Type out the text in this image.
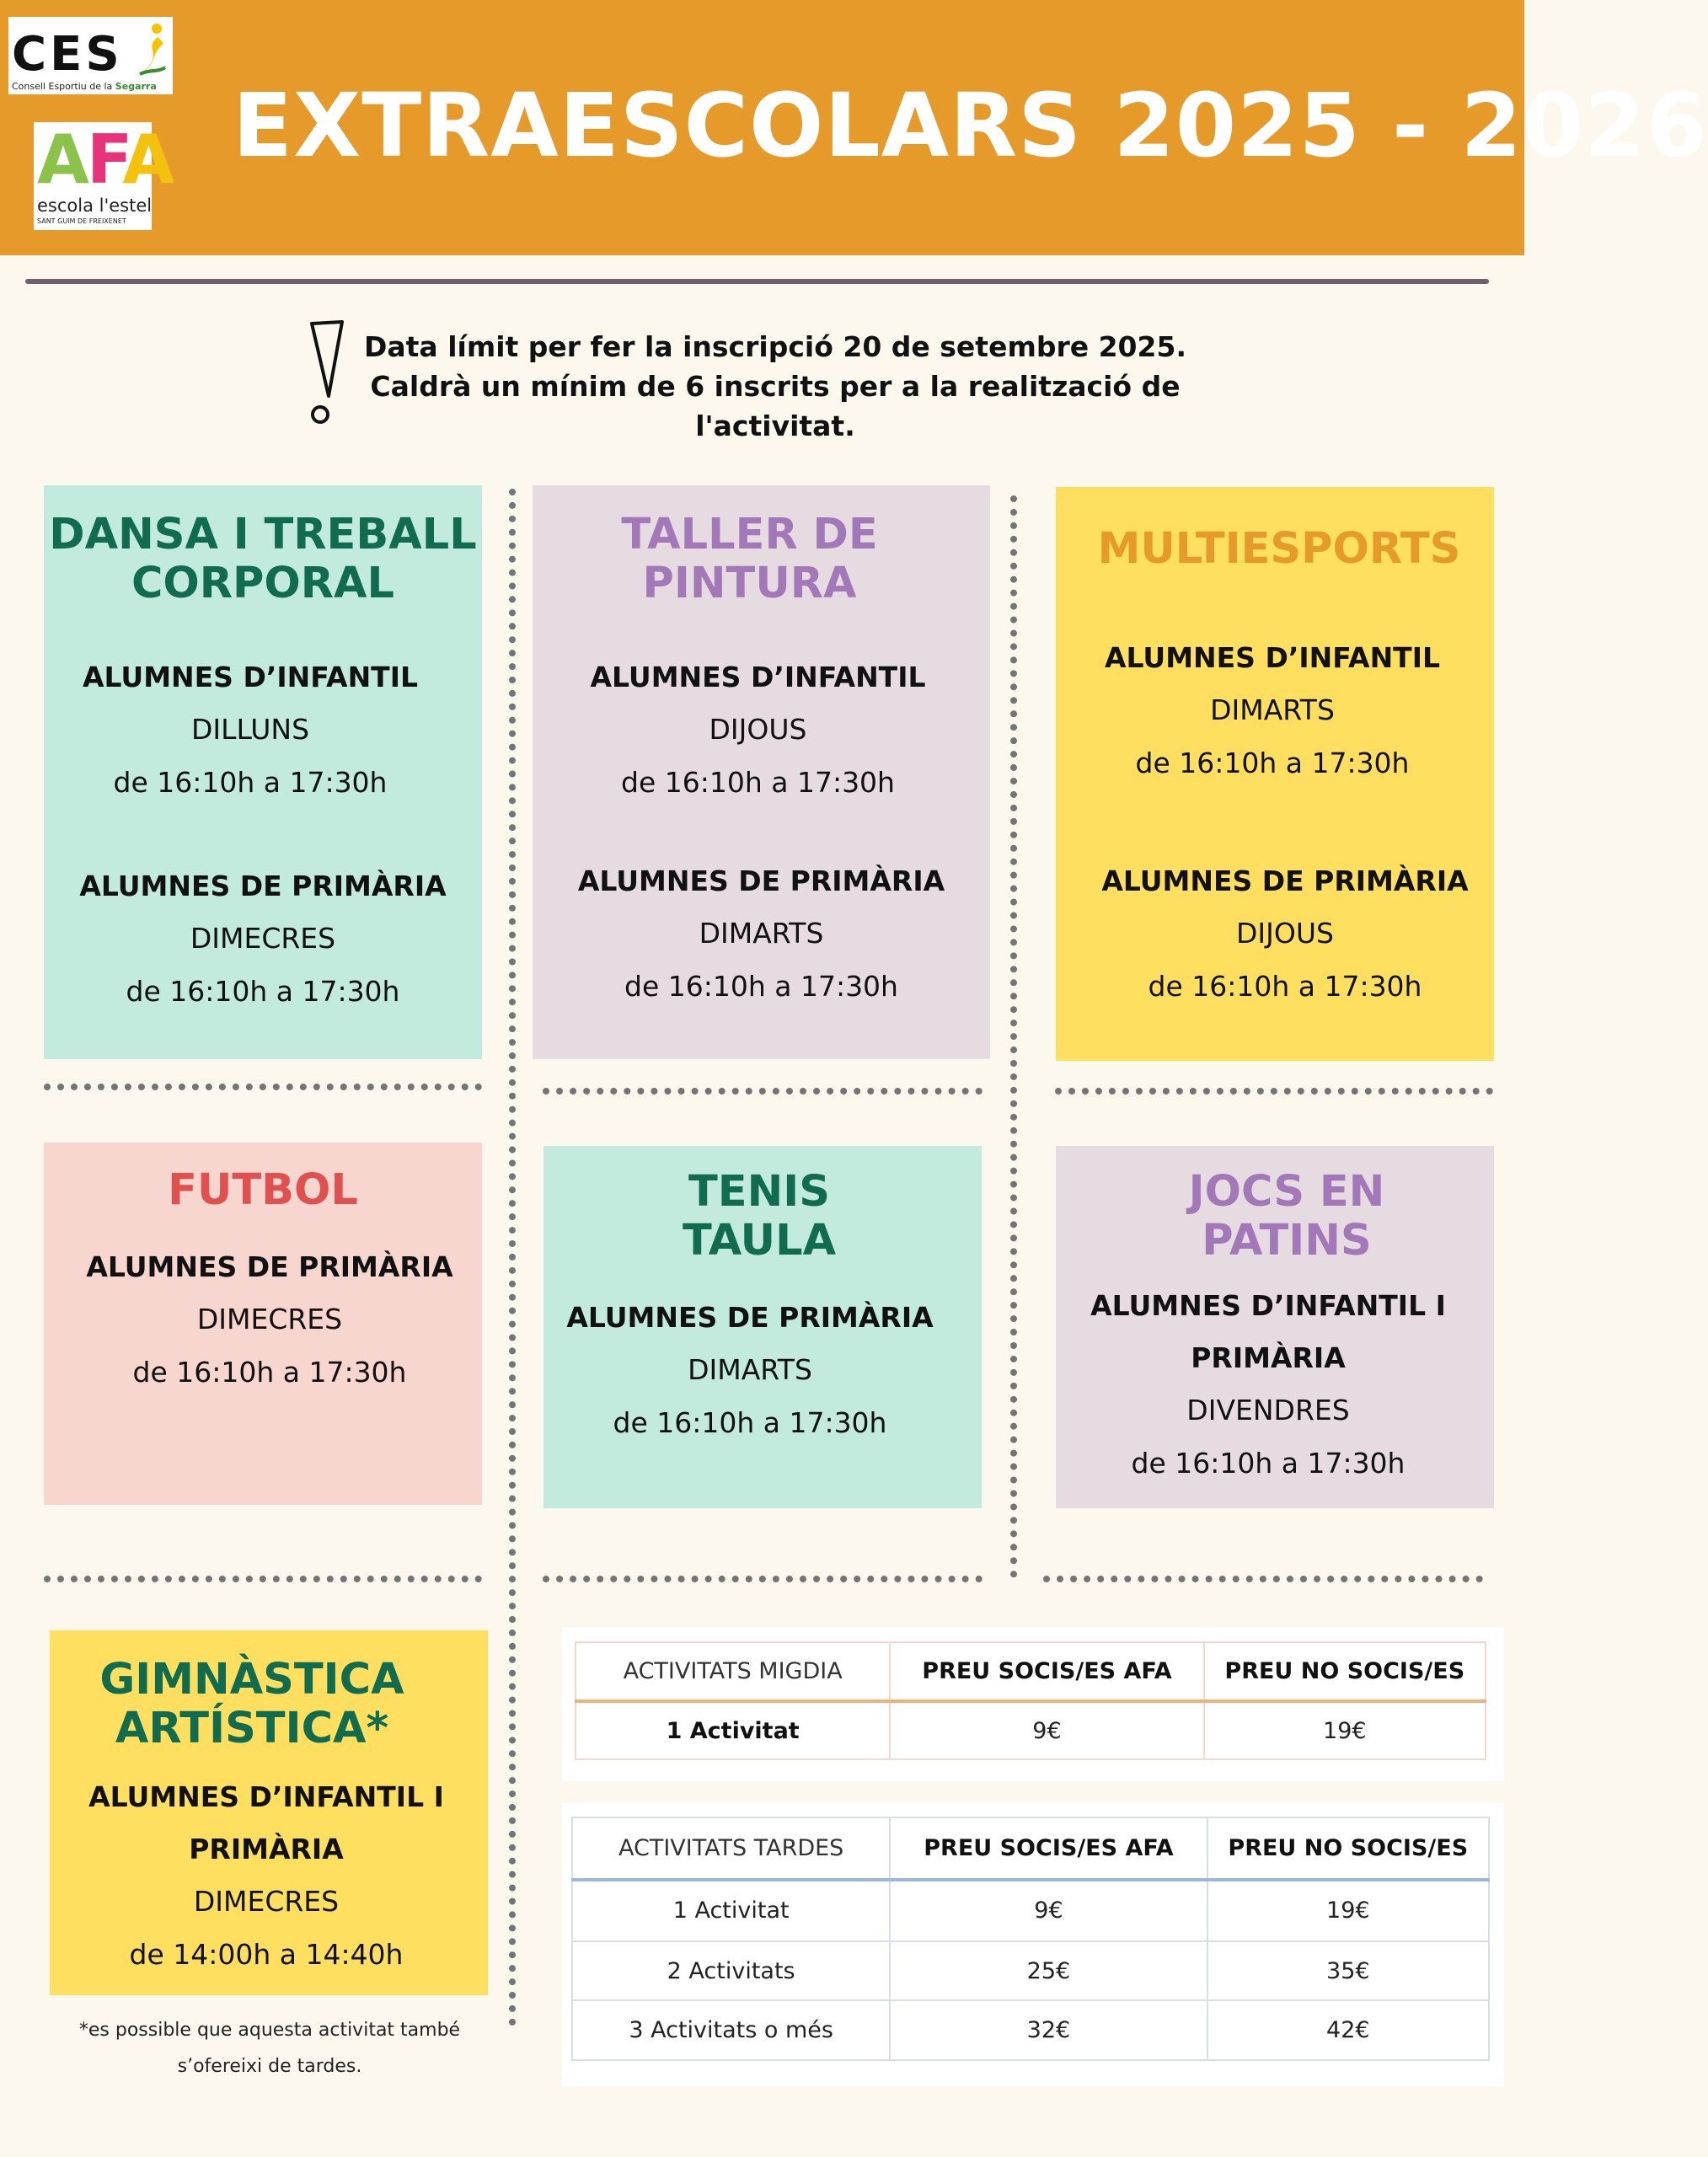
CES
Consell Esportiu de la Segarra
AFA
escola l'estel
SANT GUIM DE FREIXENET
EXTRAESCOLARS 2025 - 2026
Data límit per fer la inscripció 20 de setembre 2025.
Caldrà un mínim de 6 inscrits per a la realització de l'activitat.
DANSA I TREBALL
CORPORAL
ALUMNES D’INFANTIL
DILLUNS
de 16:10h a 17:30h
ALUMNES DE PRIMÀRIA
DIMECRES
de 16:10h a 17:30h
TALLER DE
PINTURA
ALUMNES D’INFANTIL
DIJOUS
de 16:10h a 17:30h
ALUMNES DE PRIMÀRIA
DIMARTS
de 16:10h a 17:30h
MULTIESPORTS
ALUMNES D’INFANTIL
DIMARTS
de 16:10h a 17:30h
ALUMNES DE PRIMÀRIA
DIJOUS
de 16:10h a 17:30h
FUTBOL
ALUMNES DE PRIMÀRIA
DIMECRES
de 16:10h a 17:30h
TENIS
TAULA
ALUMNES DE PRIMÀRIA
DIMARTS
de 16:10h a 17:30h
JOCS EN
PATINS
ALUMNES D’INFANTIL I
PRIMÀRIA
DIVENDRES
de 16:10h a 17:30h
GIMNÀSTICA
ARTÍSTICA*
ALUMNES D’INFANTIL I
PRIMÀRIA
DIMECRES
de 14:00h a 14:40h
*es possible que aquesta activitat també
s’ofereixi de tardes.
ACTIVITATS MIGDIA	PREU SOCIS/ES AFA	PREU NO SOCIS/ES
1 Activitat	9€	19€
ACTIVITATS TARDES	PREU SOCIS/ES AFA	PREU NO SOCIS/ES
1 Activitat	9€	19€
2 Activitats	25€	35€
3 Activitats o més	32€	42€
